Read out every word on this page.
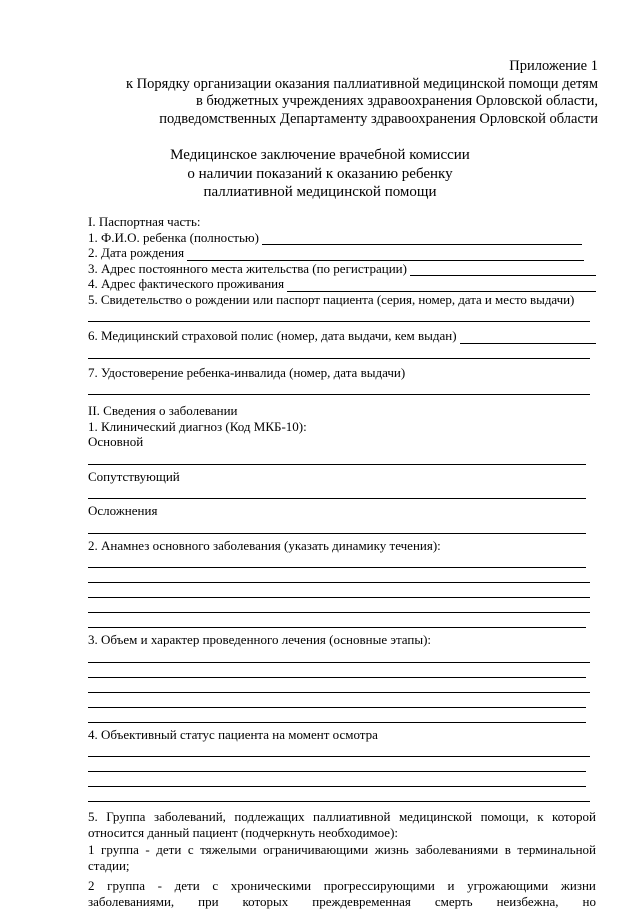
Приложение 1
к Порядку организации оказания паллиативной медицинской помощи детям
в бюджетных учреждениях здравоохранения Орловской области,
подведомственных Департаменту здравоохранения Орловской области
Медицинское заключение врачебной комиссии
о наличии показаний к оказанию ребенку
паллиативной медицинской помощи
I. Паспортная часть:
1. Ф.И.О. ребенка (полностью)
2. Дата рождения
3. Адрес постоянного места жительства (по регистрации)
4. Адрес фактического проживания
5. Свидетельство о рождении или паспорт пациента (серия, номер, дата и место выдачи)
6. Медицинский страховой полис (номер, дата выдачи, кем выдан)
7. Удостоверение ребенка-инвалида (номер, дата выдачи)
II. Сведения о заболевании
1. Клинический диагноз (Код МКБ-10):
Основной
Сопутствующий
Осложнения
2. Анамнез основного заболевания (указать динамику течения):
3. Объем и характер проведенного лечения (основные этапы):
4. Объективный статус пациента на момент осмотра
5. Группа заболеваний, подлежащих паллиативной медицинской помощи, к которой относится данный пациент (подчеркнуть необходимое):
1 группа - дети с тяжелыми ограничивающими жизнь заболеваниями в терминальной стадии;
2 группа - дети с хроническими прогрессирующими и угрожающими жизни
заболеваниями, при которых преждевременная смерть неизбежна, но
